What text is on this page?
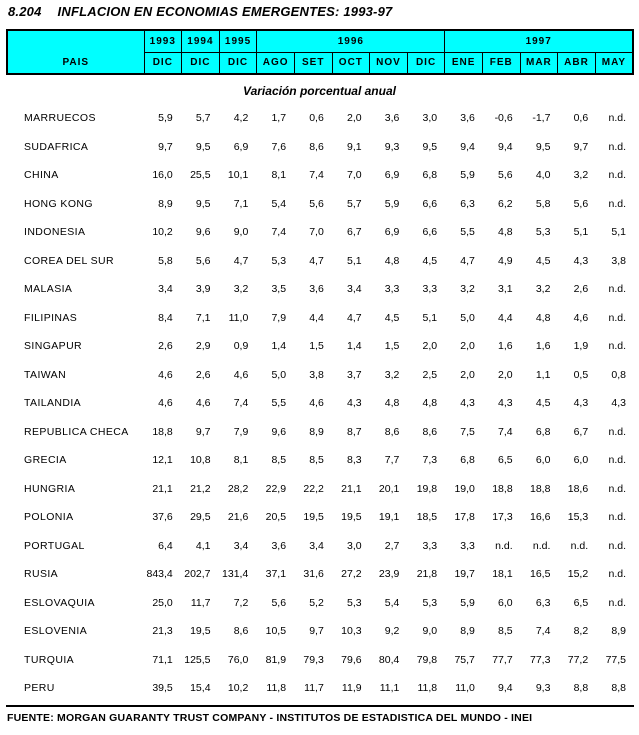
8.204 INFLACION EN ECONOMIAS EMERGENTES: 1993-97
PAIS	1993	1994	1995	1996					1997				
	DIC	DIC	DIC	AGO	SET	OCT	NOV	DIC	ENE	FEB	MAR	ABR	MAY
Variación porcentual anual
MARRUECOS	5,9	5,7	4,2	1,7	0,6	2,0	3,6	3,0	3,6	-0,6	-1,7	0,6	n.d.
SUDAFRICA	9,7	9,5	6,9	7,6	8,6	9,1	9,3	9,5	9,4	9,4	9,5	9,7	n.d.
CHINA	16,0	25,5	10,1	8,1	7,4	7,0	6,9	6,8	5,9	5,6	4,0	3,2	n.d.
HONG KONG	8,9	9,5	7,1	5,4	5,6	5,7	5,9	6,6	6,3	6,2	5,8	5,6	n.d.
INDONESIA	10,2	9,6	9,0	7,4	7,0	6,7	6,9	6,6	5,5	4,8	5,3	5,1	5,1
COREA DEL SUR	5,8	5,6	4,7	5,3	4,7	5,1	4,8	4,5	4,7	4,9	4,5	4,3	3,8
MALASIA	3,4	3,9	3,2	3,5	3,6	3,4	3,3	3,3	3,2	3,1	3,2	2,6	n.d.
FILIPINAS	8,4	7,1	11,0	7,9	4,4	4,7	4,5	5,1	5,0	4,4	4,8	4,6	n.d.
SINGAPUR	2,6	2,9	0,9	1,4	1,5	1,4	1,5	2,0	2,0	1,6	1,6	1,9	n.d.
TAIWAN	4,6	2,6	4,6	5,0	3,8	3,7	3,2	2,5	2,0	2,0	1,1	0,5	0,8
TAILANDIA	4,6	4,6	7,4	5,5	4,6	4,3	4,8	4,8	4,3	4,3	4,5	4,3	4,3
REPUBLICA CHECA	18,8	9,7	7,9	9,6	8,9	8,7	8,6	8,6	7,5	7,4	6,8	6,7	n.d.
GRECIA	12,1	10,8	8,1	8,5	8,5	8,3	7,7	7,3	6,8	6,5	6,0	6,0	n.d.
HUNGRIA	21,1	21,2	28,2	22,9	22,2	21,1	20,1	19,8	19,0	18,8	18,8	18,6	n.d.
POLONIA	37,6	29,5	21,6	20,5	19,5	19,5	19,1	18,5	17,8	17,3	16,6	15,3	n.d.
PORTUGAL	6,4	4,1	3,4	3,6	3,4	3,0	2,7	3,3	3,3	n.d.	n.d.	n.d.	n.d.
RUSIA	843,4	202,7	131,4	37,1	31,6	27,2	23,9	21,8	19,7	18,1	16,5	15,2	n.d.
ESLOVAQUIA	25,0	11,7	7,2	5,6	5,2	5,3	5,4	5,3	5,9	6,0	6,3	6,5	n.d.
ESLOVENIA	21,3	19,5	8,6	10,5	9,7	10,3	9,2	9,0	8,9	8,5	7,4	8,2	8,9
TURQUIA	71,1	125,5	76,0	81,9	79,3	79,6	80,4	79,8	75,7	77,7	77,3	77,2	77,5
PERU	39,5	15,4	10,2	11,8	11,7	11,9	11,1	11,8	11,0	9,4	9,3	8,8	8,8
FUENTE: MORGAN GUARANTY TRUST COMPANY - INSTITUTOS DE ESTADISTICA DEL MUNDO - INEI
